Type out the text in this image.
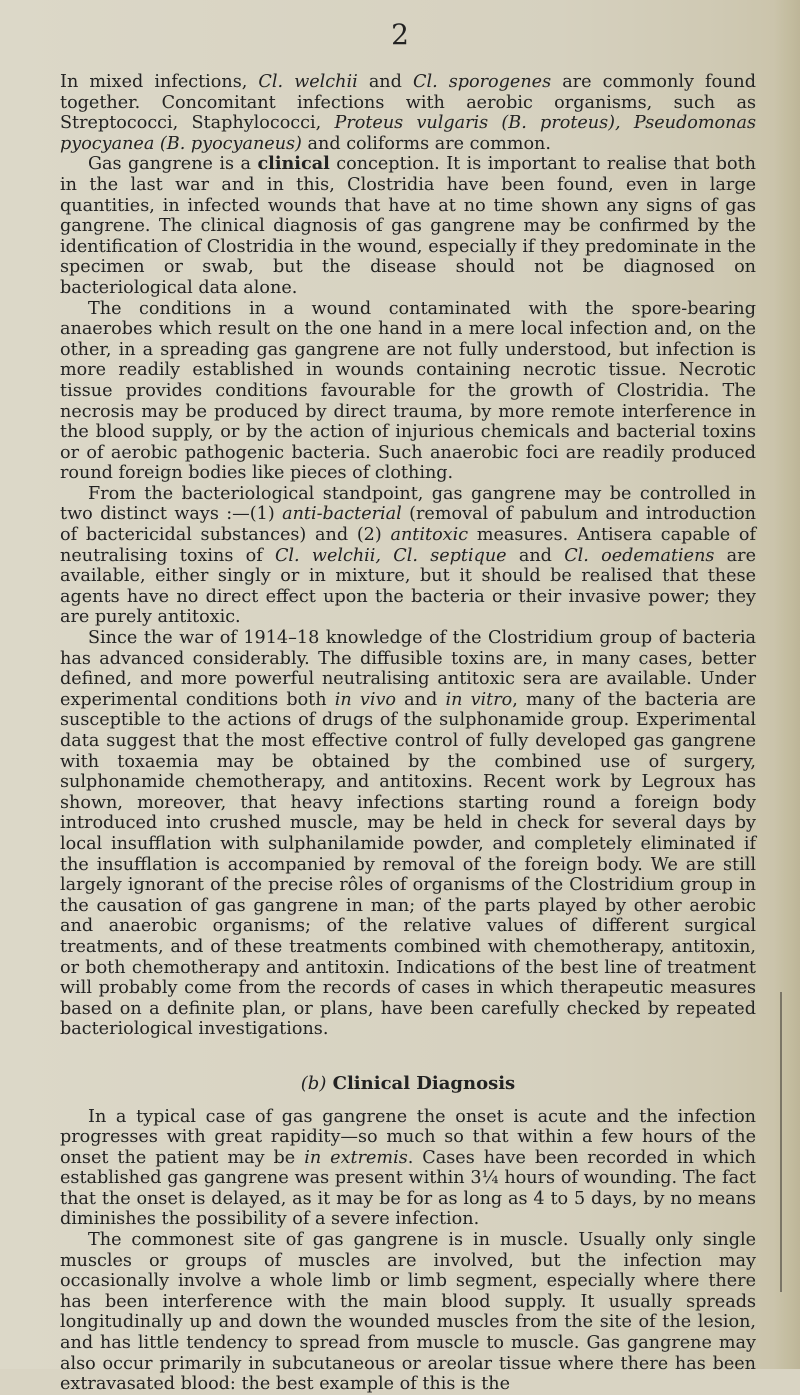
2

In mixed infections, Cl. welchii and Cl. sporogenes are commonly found together. Concomitant infections with aerobic organisms, such as Streptococci, Staphylococci, Proteus vulgaris (B. proteus), Pseudomonas pyocyanea (B. pyocyaneus) and coliforms are common.

Gas gangrene is a clinical conception. It is important to realise that both in the last war and in this, Clostridia have been found, even in large quantities, in infected wounds that have at no time shown any signs of gas gangrene. The clinical diagnosis of gas gangrene may be confirmed by the identification of Clostridia in the wound, especially if they predominate in the specimen or swab, but the disease should not be diagnosed on bacteriological data alone.

The conditions in a wound contaminated with the spore-bearing anaerobes which result on the one hand in a mere local infection and, on the other, in a spreading gas gangrene are not fully understood, but infection is more readily established in wounds containing necrotic tissue. Necrotic tissue provides conditions favourable for the growth of Clostridia. The necrosis may be produced by direct trauma, by more remote interference in the blood supply, or by the action of injurious chemicals and bacterial toxins or of aerobic pathogenic bacteria. Such anaerobic foci are readily produced round foreign bodies like pieces of clothing.

From the bacteriological standpoint, gas gangrene may be controlled in two distinct ways :—(1) anti-bacterial (removal of pabulum and introduction of bactericidal substances) and (2) antitoxic measures. Antisera capable of neutralising toxins of Cl. welchii, Cl. septique and Cl. oedematiens are available, either singly or in mixture, but it should be realised that these agents have no direct effect upon the bacteria or their invasive power; they are purely antitoxic.

Since the war of 1914–18 knowledge of the Clostridium group of bacteria has advanced considerably. The diffusible toxins are, in many cases, better defined, and more powerful neutralising antitoxic sera are available. Under experimental conditions both in vivo and in vitro, many of the bacteria are susceptible to the actions of drugs of the sulphonamide group. Experimental data suggest that the most effective control of fully developed gas gangrene with toxaemia may be obtained by the combined use of surgery, sulphonamide chemotherapy, and antitoxins. Recent work by Legroux has shown, moreover, that heavy infections starting round a foreign body introduced into crushed muscle, may be held in check for several days by local insufflation with sulphanilamide powder, and completely eliminated if the insufflation is accompanied by removal of the foreign body. We are still largely ignorant of the precise rôles of organisms of the Clostridium group in the causation of gas gangrene in man; of the parts played by other aerobic and anaerobic organisms; of the relative values of different surgical treatments, and of these treatments combined with chemotherapy, antitoxin, or both chemotherapy and antitoxin. Indications of the best line of treatment will probably come from the records of cases in which therapeutic measures based on a definite plan, or plans, have been carefully checked by repeated bacteriological investigations.

(b) Clinical Diagnosis

In a typical case of gas gangrene the onset is acute and the infection progresses with great rapidity—so much so that within a few hours of the onset the patient may be in extremis. Cases have been recorded in which established gas gangrene was present within 3¼ hours of wounding. The fact that the onset is delayed, as it may be for as long as 4 to 5 days, by no means diminishes the possibility of a severe infection.

The commonest site of gas gangrene is in muscle. Usually only single muscles or groups of muscles are involved, but the infection may occasionally involve a whole limb or limb segment, especially where there has been interference with the main blood supply. It usually spreads longitudinally up and down the wounded muscles from the site of the lesion, and has little tendency to spread from muscle to muscle. Gas gangrene may also occur primarily in subcutaneous or areolar tissue where there has been extravasated blood: the best example of this is the
